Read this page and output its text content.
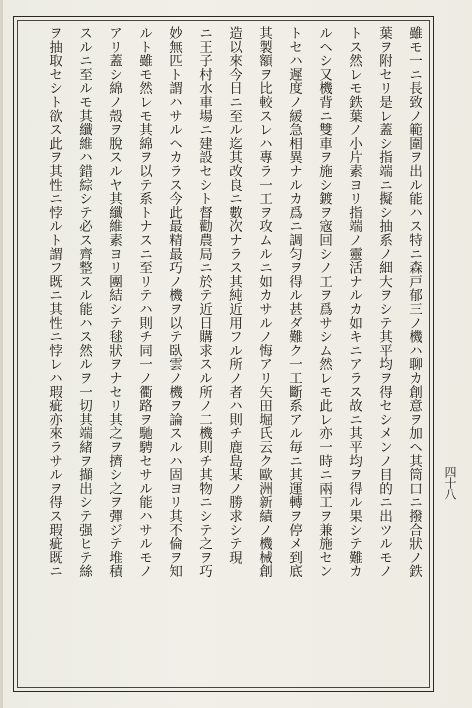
雖モ一ニ長致ノ範圍ヲ出ル能ハス特ニ森戸郁三ノ機ハ聊カ創意ヲ加ヘ其筒口ニ撥合狀ノ鉄
葉ヲ附セリ是レ蓋シ指端ニ擬シ抽系ノ細大ヲシテ其平均ヲ得セシメンノ目的ニ出ツルモノ
トス然レモ鉄葉ノ小片素ヨリ指端ノ靈活ナルカ如キニアラス故ニ其平均ヲ得ル果シテ難カ
ルヘシ又機背ニ雙車ヲ施シ鍍ヲ宼回シノ工ヲ爲サシム然レモ此レ亦一時ニ兩工ヲ兼施セン
トセハ遲度ノ緩急相異ナルカ爲ニ調匀ヲ得ル甚ダ難ク一工斷系アル毎ニ其運轉ヲ停メ到底
其製額ヲ比較スレハ專ラ一工ヲ攻ムルニ如カサルノ悔アリ矢田堀氏云ク歐洲新績ノ機械創
造以來今日ニ至ル迄其改良ニ數次ナラス其純近用フル所ノ者ハ則チ鹿島某ノ勝求シテ現
ニ王子村水車場ニ建設セシト督勸農局ニ於テ近日購求スル所ノ二機則チ其物ニシテ之ヲ巧
妙無匹ト謂ハサルヘカラス今此最精最巧ノ機ヲ以テ臥雲ノ機ヲ論スルハ固ヨリ其不倫ヲ知
ルト雖モ然レモ其綿ヲ以テ系トナスニ至リテハ則チ同一ノ衢路ヲ馳騁セサル能ハサルモノ
アリ蓋シ綿ノ殼ヲ脫スルヤ其纖維素ヨリ團結シテ毬狀ヲナセリ其之ヲ擠シ之ヲ彈ジテ堆積
スルニ至ルモ其纖維ハ錯綜シテ必ス齊整スル能ハス然ルヲ一切其端緒ヲ擷出シテ强ヒテ絲
ヲ抽取セシト欲ス此ヲ其性ニ悖ルト謂フ既ニ其性ニ悖レハ瑕疵亦來ラサルヲ得ス瑕疵既ニ	四十八
